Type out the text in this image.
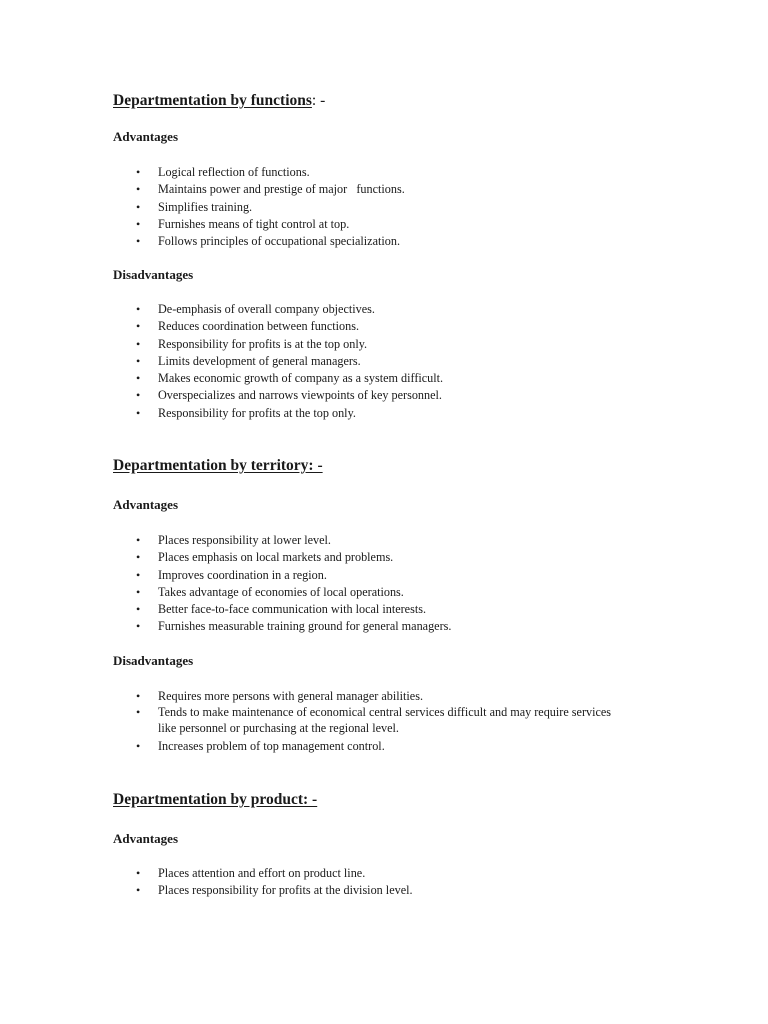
Departmentation by functions: -
Advantages
• Logical reflection of functions.
• Maintains power and prestige of major   functions.
• Simplifies training.
• Furnishes means of tight control at top.
• Follows principles of occupational specialization.
Disadvantages
• De-emphasis of overall company objectives.
• Reduces coordination between functions.
• Responsibility for profits is at the top only.
• Limits development of general managers.
• Makes economic growth of company as a system difficult.
• Overspecializes and narrows viewpoints of key personnel.
• Responsibility for profits at the top only.
Departmentation by territory: -
Advantages
• Places responsibility at lower level.
• Places emphasis on local markets and problems.
• Improves coordination in a region.
• Takes advantage of economies of local operations.
• Better face-to-face communication with local interests.
• Furnishes measurable training ground for general managers.
Disadvantages
• Requires more persons with general manager abilities.
• Tends to make maintenance of economical central services difficult and may require services like personnel or purchasing at the regional level.
• Increases problem of top management control.
Departmentation by product: -
Advantages
• Places attention and effort on product line.
• Places responsibility for profits at the division level.
